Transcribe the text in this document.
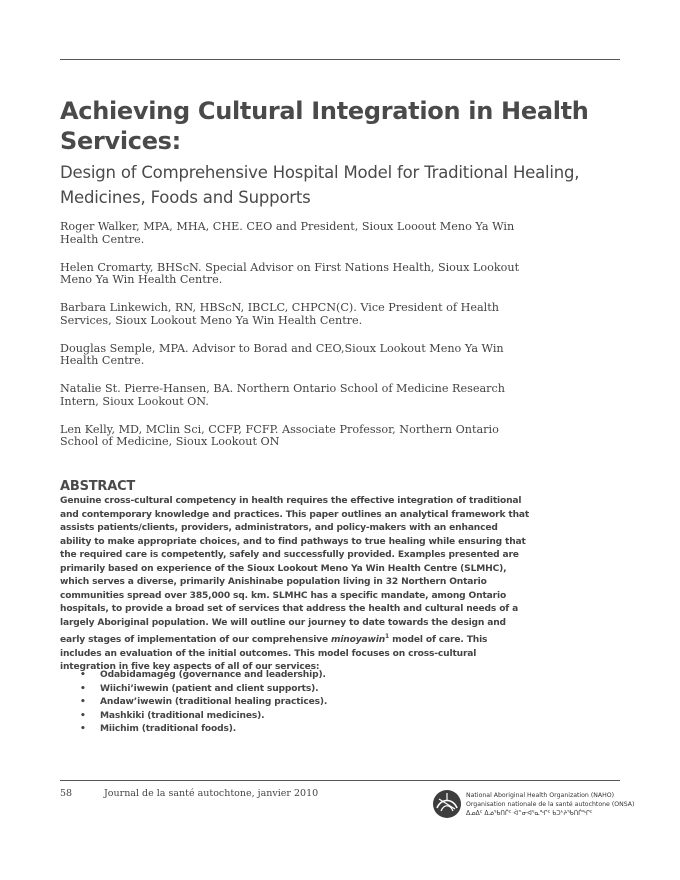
Achieving Cultural Integration in Health Services:
Design of Comprehensive Hospital Model for Traditional Healing, Medicines, Foods and Supports

Roger Walker, MPA, MHA, CHE. CEO and President, Sioux Looout Meno Ya Win Health Centre.

Helen Cromarty, BHScN. Special Advisor on First Nations Health, Sioux Lookout Meno Ya Win Health Centre.

Barbara Linkewich, RN, HBScN, IBCLC, CHPCN(C). Vice President of Health Services, Sioux Lookout Meno Ya Win Health Centre.

Douglas Semple, MPA. Advisor to Borad and CEO,Sioux Lookout Meno Ya Win Health Centre.

Natalie St. Pierre-Hansen, BA. Northern Ontario School of Medicine Research Intern, Sioux Lookout ON.

Len Kelly, MD, MClin Sci, CCFP, FCFP. Associate Professor, Northern Ontario School of Medicine, Sioux Lookout ON

ABSTRACT

Genuine cross-cultural competency in health requires the effective integration of traditional and contemporary knowledge and practices. This paper outlines an analytical framework that assists patients/clients, providers, administrators, and policy-makers with an enhanced ability to make appropriate choices, and to find pathways to true healing while ensuring that the required care is competently, safely and successfully provided. Examples presented are primarily based on experience of the Sioux Lookout Meno Ya Win Health Centre (SLMHC), which serves a diverse, primarily Anishinabe population living in 32 Northern Ontario communities spread over 385,000 sq. km. SLMHC has a specific mandate, among Ontario hospitals, to provide a broad set of services that address the health and cultural needs of a largely Aboriginal population. We will outline our journey to date towards the design and early stages of implementation of our comprehensive minoyawin$^1$ model of care. This includes an evaluation of the initial outcomes. This model focuses on cross-cultural integration in five key aspects of all of our services:

• Odabidamageg (governance and leadership).
• Wiichi’iwewin (patient and client supports).
• Andaw’iwewin (traditional healing practices).
• Mashkiki (traditional medicines).
• Miichim (traditional foods).
58	Journal de la santé autochtone, janvier 2010	National Aboriginal Health Organization (NAHO)
Organisation nationale de la santé autochtone (ONSA)
ᐃᓄᐃᑦ ᐃᓅᖃᑎᒌᑦ ᐋᓐᓂᐊᕐᓇᖏᑦ ᑲᑐᔾᔨᖃᑎᒌᖏᑦ
